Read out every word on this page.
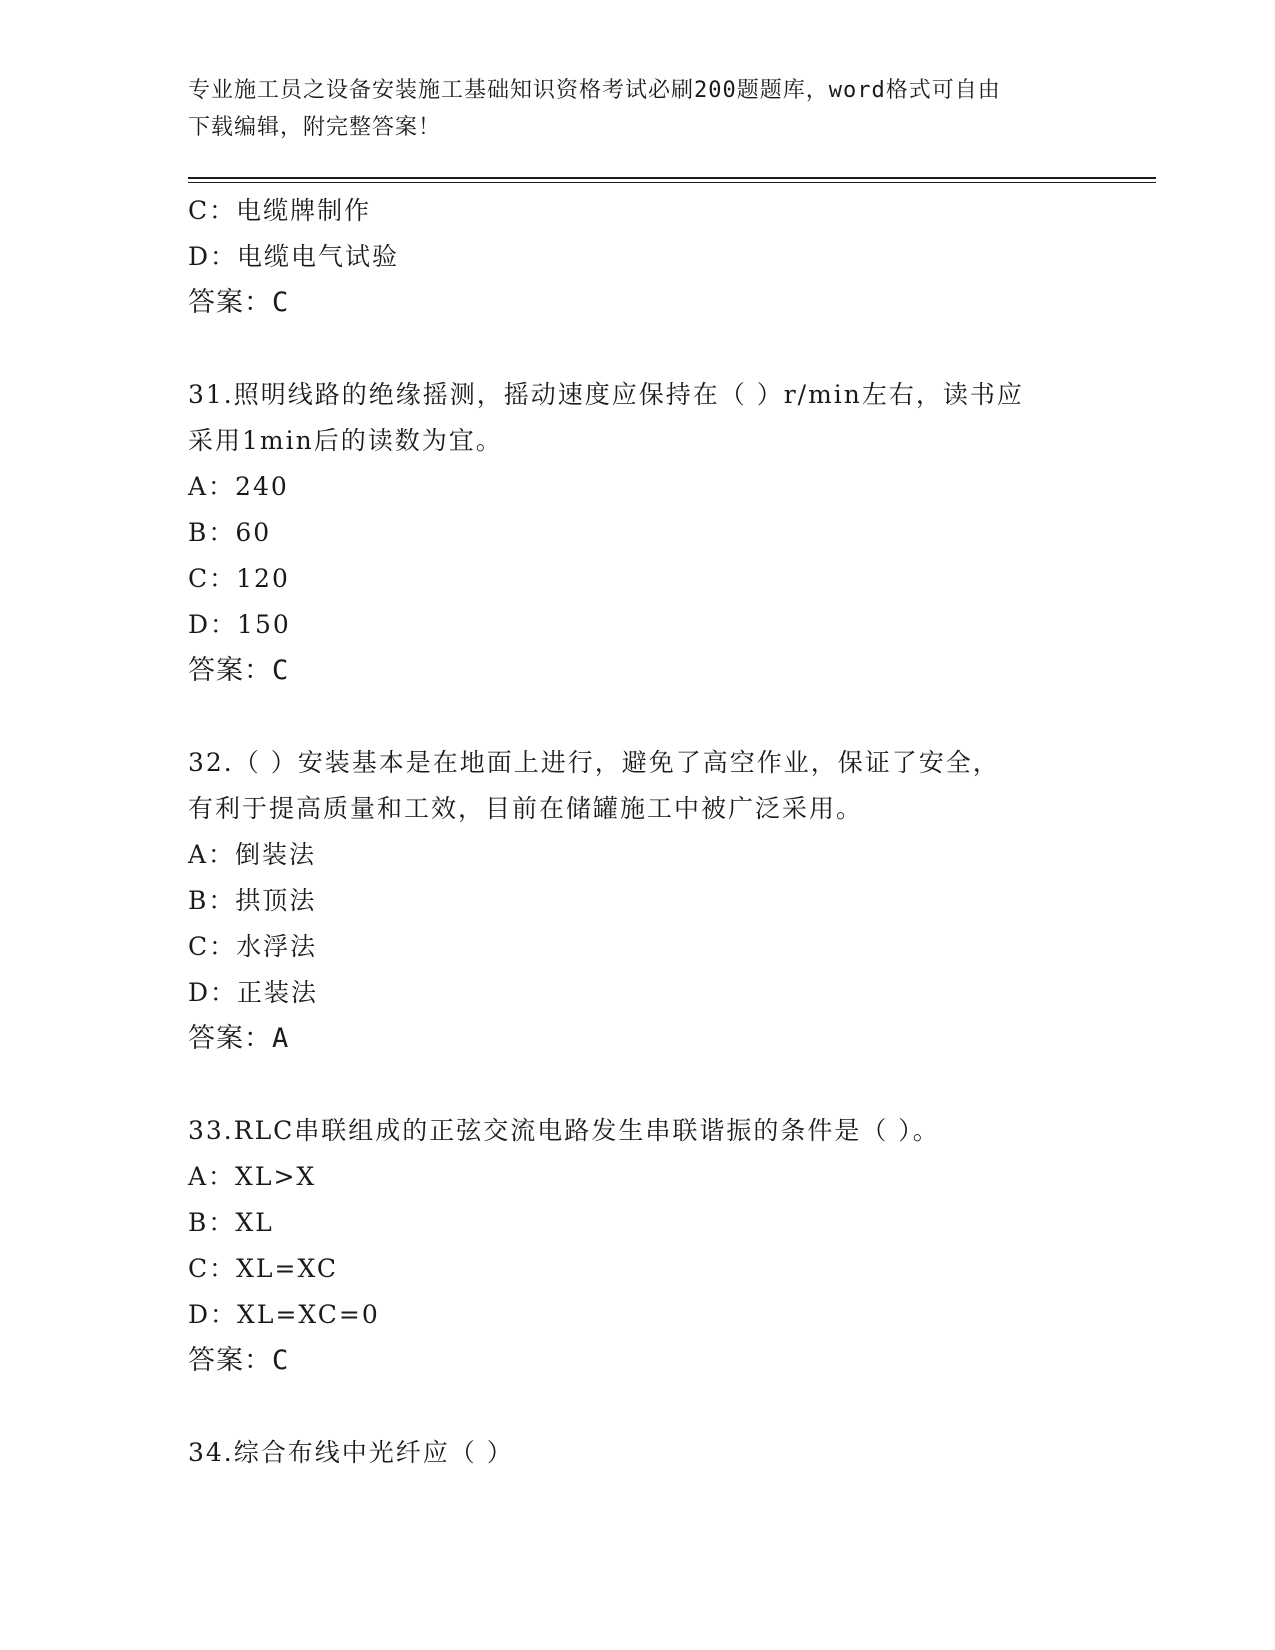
专业施工员之设备安装施工基础知识资格考试必刷200题题库，word格式可自由
下载编辑，附完整答案！
C：电缆牌制作
D：电缆电气试验
答案：C
31.照明线路的绝缘摇测，摇动速度应保持在（ ）r/min左右，读书应
采用1min后的读数为宜。
A：240
B：60
C：120
D：150
答案：C
32.（ ）安装基本是在地面上进行，避免了高空作业，保证了安全，
有利于提高质量和工效，目前在储罐施工中被广泛采用。
A：倒装法
B：拱顶法
C：水浮法
D：正装法
答案：A
33.RLC串联组成的正弦交流电路发生串联谐振的条件是（ ）。
A：XL>X
B：XL
C：XL=XC
D：XL=XC=0
答案：C
34.综合布线中光纤应（ ）
